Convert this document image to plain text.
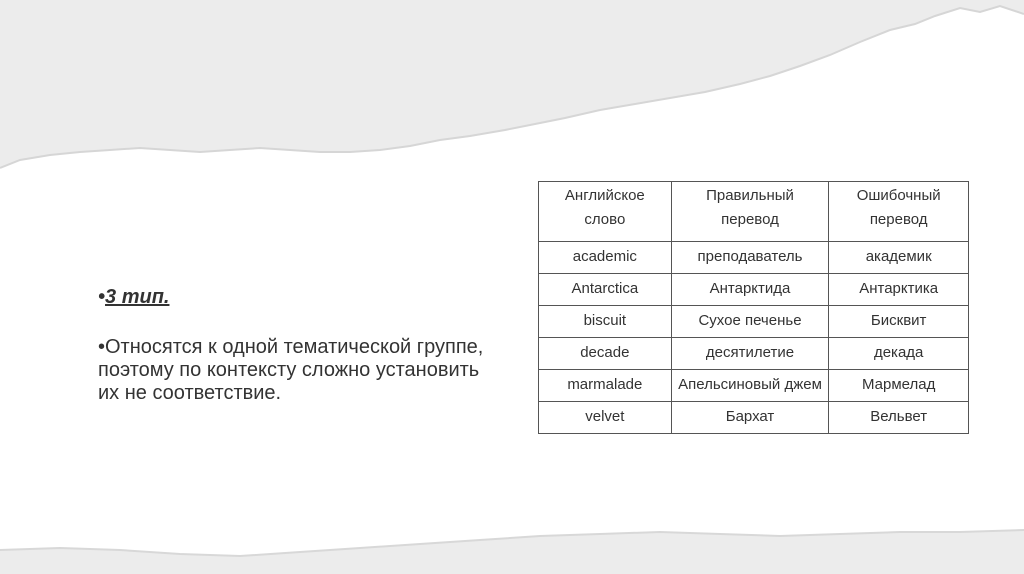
•3 тип.
•Относятся к одной тематической группе, поэтому по контексту сложно установить их не соответствие.
Английское слово	Правильный перевод	Ошибочный перевод
academic	преподаватель	академик
Antarctica	Антарктида	Антарктика
biscuit	Сухое печенье	Бисквит
decade	десятилетие	декада
marmalade	Апельсиновый джем	Мармелад
velvet	Бархат	Вельвет
